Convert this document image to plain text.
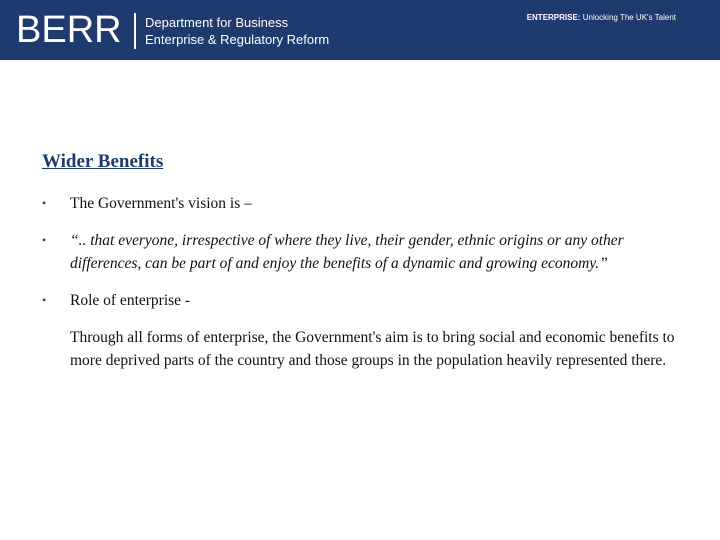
BERR Department for Business
Enterprise & Regulatory Reform
ENTERPRISE: Unlocking The UK's Talent
Wider Benefits
• The Government's vision is –
• “.. that everyone, irrespective of where they live, their gender, ethnic origins or any other differences, can be part of and enjoy the benefits of a dynamic and growing economy.”
• Role of enterprise -
Through all forms of enterprise, the Government's aim is to bring social and economic benefits to more deprived parts of the country and those groups in the population heavily represented there.
